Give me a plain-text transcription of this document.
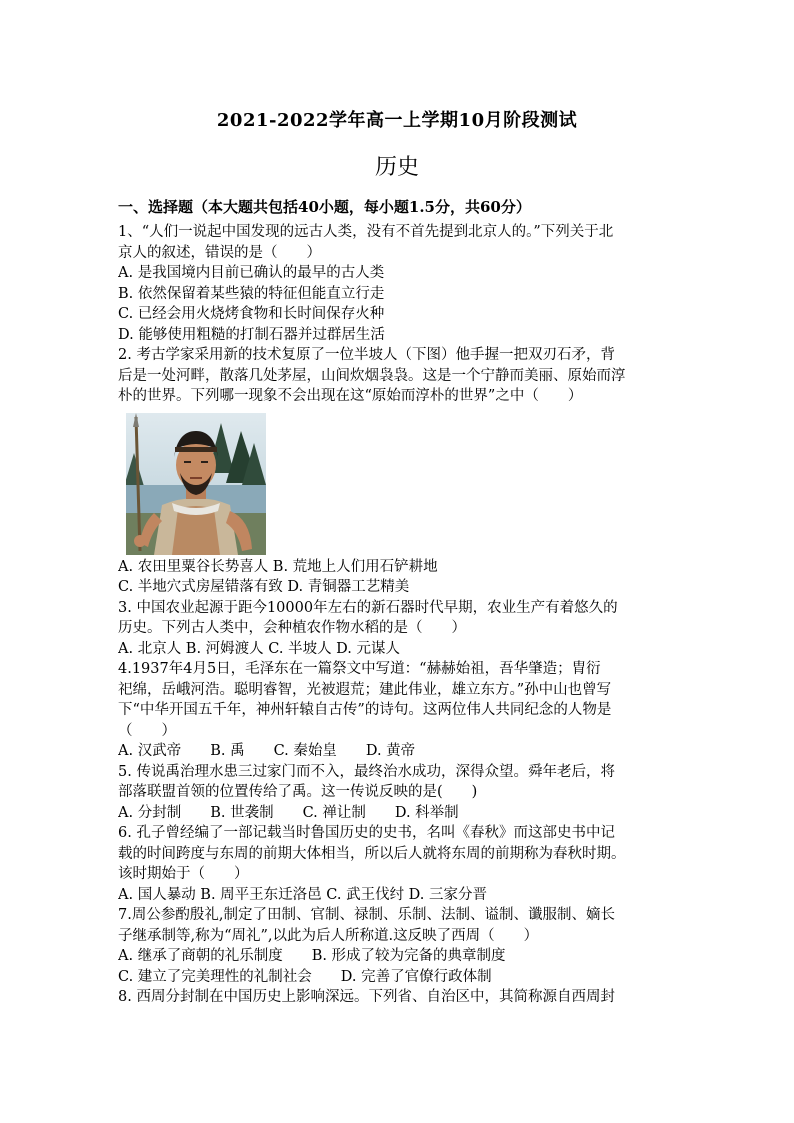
2021-2022学年高一上学期10月阶段测试
历史
一、选择题（本大题共包括40小题，每小题1.5分，共60分）
1、“人们一说起中国发现的远古人类，没有不首先提到北京人的。”下列关于北
京人的叙述，错误的是（　　）
A. 是我国境内目前已确认的最早的古人类
B. 依然保留着某些猿的特征但能直立行走
C. 已经会用火烧烤食物和长时间保存火种
D. 能够使用粗糙的打制石器并过群居生活
2. 考古学家采用新的技术复原了一位半坡人（下图）他手握一把双刃石矛，背
后是一处河畔，散落几处茅屋，山间炊烟袅袅。这是一个宁静而美丽、原始而淳
朴的世界。下列哪一现象不会出现在这“原始而淳朴的世界”之中（　　）
A. 农田里粟谷长势喜人 B. 荒地上人们用石铲耕地
C. 半地穴式房屋错落有致 D. 青铜器工艺精美
3. 中国农业起源于距今10000年左右的新石器时代早期，农业生产有着悠久的
历史。下列古人类中，会种植农作物水稻的是（　　）
A. 北京人 B. 河姆渡人 C. 半坡人 D. 元谋人
4.1937年4月5日，毛泽东在一篇祭文中写道：“赫赫始祖，吾华肇造；胄衍
祀绵，岳峨河浩。聪明睿智，光被遐荒；建此伟业，雄立东方。”孙中山也曾写
下“中华开国五千年，神州轩辕自古传”的诗句。这两位伟人共同纪念的人物是
（　　）
A. 汉武帝　　B. 禹　　C. 秦始皇　　D. 黄帝
5. 传说禹治理水患三过家门而不入，最终治水成功，深得众望。舜年老后，将
部落联盟首领的位置传给了禹。这一传说反映的是(　　)
A. 分封制　　B. 世袭制　　C. 禅让制　　D. 科举制
6. 孔子曾经编了一部记载当时鲁国历史的史书，名叫《春秋》而这部史书中记
载的时间跨度与东周的前期大体相当，所以后人就将东周的前期称为春秋时期。
该时期始于（　　）
A. 国人暴动 B. 周平王东迁洛邑 C. 武王伐纣 D. 三家分晋
7.周公参酌殷礼,制定了田制、官制、禄制、乐制、法制、谥制、谶服制、嫡长
子继承制等,称为“周礼”,以此为后人所称道.这反映了西周（　　）
A. 继承了商朝的礼乐制度　　B. 形成了较为完备的典章制度
C. 建立了完美理性的礼制社会　　D. 完善了官僚行政体制
8. 西周分封制在中国历史上影响深远。下列省、自治区中，其简称源自西周封
